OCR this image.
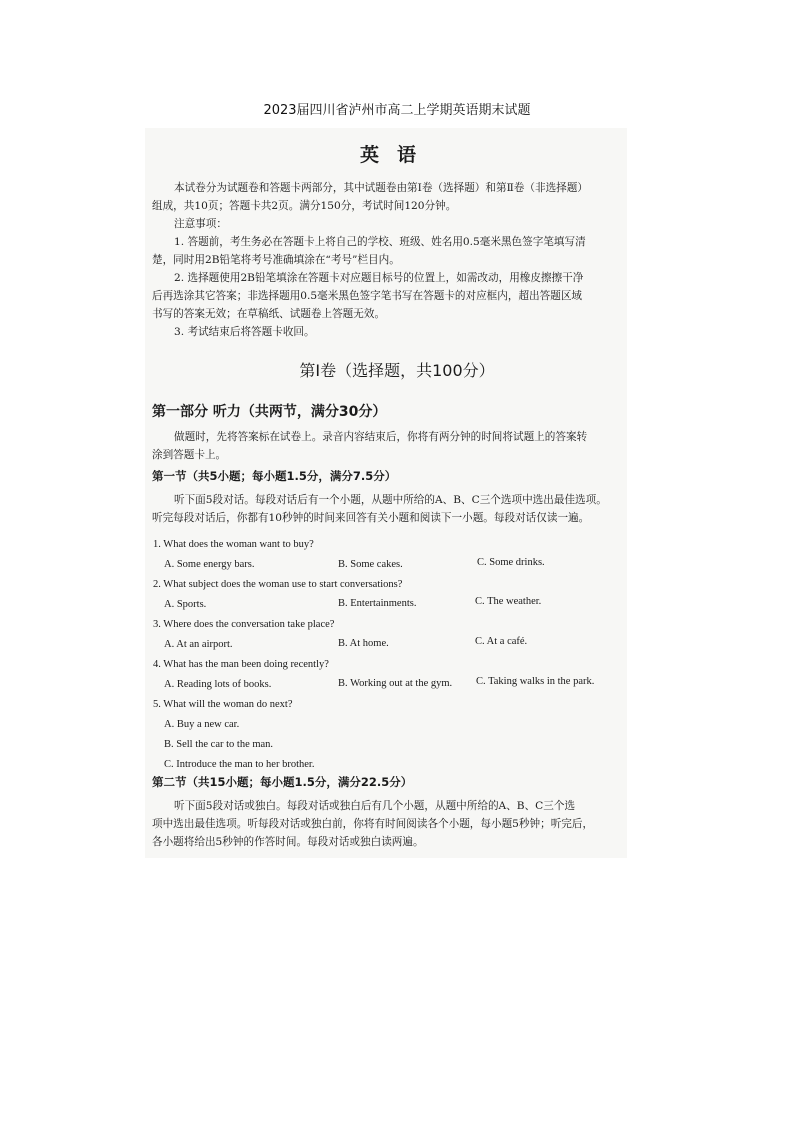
2023届四川省泸州市高二上学期英语期末试题
英语
本试卷分为试题卷和答题卡两部分，其中试题卷由第Ⅰ卷（选择题）和第Ⅱ卷（非选择题）
组成，共10页；答题卡共2页。满分150分，考试时间120分钟。
注意事项：
1. 答题前，考生务必在答题卡上将自己的学校、班级、姓名用0.5毫米黑色签字笔填写清
楚，同时用2B铅笔将考号准确填涂在“考号”栏目内。
2. 选择题使用2B铅笔填涂在答题卡对应题目标号的位置上，如需改动，用橡皮擦擦干净
后再选涂其它答案；非选择题用0.5毫米黑色签字笔书写在答题卡的对应框内，超出答题区域
书写的答案无效；在草稿纸、试题卷上答题无效。
3. 考试结束后将答题卡收回。
第Ⅰ卷（选择题，共100分）
第一部分 听力（共两节，满分30分）
做题时，先将答案标在试卷上。录音内容结束后，你将有两分钟的时间将试题上的答案转
涂到答题卡上。
第一节（共5小题；每小题1.5分，满分7.5分）
听下面5段对话。每段对话后有一个小题，从题中所给的A、B、C三个选项中选出最佳选项。
听完每段对话后，你都有10秒钟的时间来回答有关小题和阅读下一小题。每段对话仅读一遍。
1. What does the woman want to buy?
A. Some energy bars.	B. Some cakes.	C. Some drinks.
2. What subject does the woman use to start conversations?
A. Sports.	B. Entertainments.	C. The weather.
3. Where does the conversation take place?
A. At an airport.	B. At home.	C. At a café.
4. What has the man been doing recently?
A. Reading lots of books.	B. Working out at the gym. C. Taking walks in the park.
5. What will the woman do next?
A. Buy a new car.
B. Sell the car to the man.
C. Introduce the man to her brother.
第二节（共15小题；每小题1.5分，满分22.5分）
听下面5段对话或独白。每段对话或独白后有几个小题，从题中所给的A、B、C三个选
项中选出最佳选项。听每段对话或独白前，你将有时间阅读各个小题，每小题5秒钟；听完后，
各小题将给出5秒钟的作答时间。每段对话或独白读两遍。
